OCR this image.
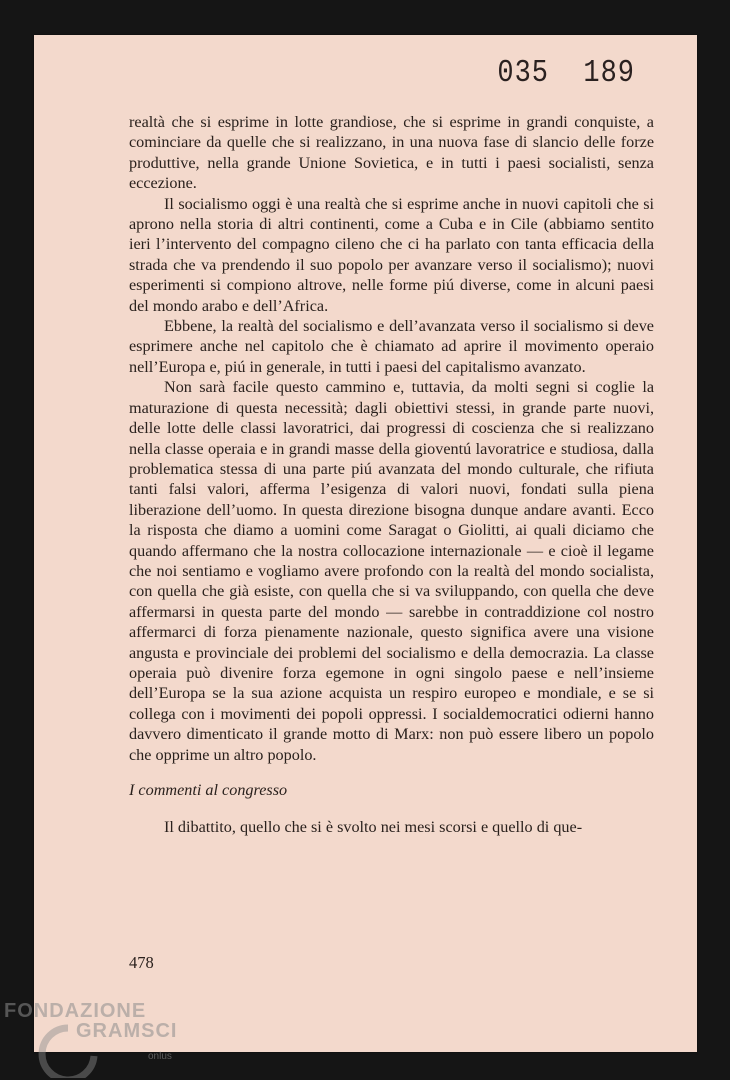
035  189

realtà che si esprime in lotte grandiose, che si esprime in grandi conquiste, a cominciare da quelle che si realizzano, in una nuova fase di slancio delle forze produttive, nella grande Unione Sovietica, e in tutti i paesi socialisti, senza eccezione.

Il socialismo oggi è una realtà che si esprime anche in nuovi capitoli che si aprono nella storia di altri continenti, come a Cuba e in Cile (abbiamo sentito ieri l’intervento del compagno cileno che ci ha parlato con tanta efficacia della strada che va prendendo il suo popolo per avanzare verso il socialismo); nuovi esperimenti si compiono altrove, nelle forme piú diverse, come in alcuni paesi del mondo arabo e dell’Africa.

Ebbene, la realtà del socialismo e dell’avanzata verso il socialismo si deve esprimere anche nel capitolo che è chiamato ad aprire il movimento operaio nell’Europa e, piú in generale, in tutti i paesi del capitalismo avanzato.

Non sarà facile questo cammino e, tuttavia, da molti segni si coglie la maturazione di questa necessità; dagli obiettivi stessi, in grande parte nuovi, delle lotte delle classi lavoratrici, dai progressi di coscienza che si realizzano nella classe operaia e in grandi masse della gioventú lavoratrice e studiosa, dalla problematica stessa di una parte piú avanzata del mondo culturale, che rifiuta tanti falsi valori, afferma l’esigenza di valori nuovi, fondati sulla piena liberazione dell’uomo. In questa direzione bisogna dunque andare avanti. Ecco la risposta che diamo a uomini come Saragat o Giolitti, ai quali diciamo che quando affermano che la nostra collocazione internazionale — e cioè il legame che noi sentiamo e vogliamo avere profondo con la realtà del mondo socialista, con quella che già esiste, con quella che si va sviluppando, con quella che deve affermarsi in questa parte del mondo — sarebbe in contraddizione col nostro affermarci di forza pienamente nazionale, questo significa avere una visione angusta e provinciale dei problemi del socialismo e della democrazia. La classe operaia può divenire forza egemone in ogni singolo paese e nell’insieme dell’Europa se la sua azione acquista un respiro europeo e mondiale, e se si collega con i movimenti dei popoli oppressi. I socialdemocratici odierni hanno davvero dimenticato il grande motto di Marx: non può essere libero un popolo che opprime un altro popolo.

I commenti al congresso

Il dibattito, quello che si è svolto nei mesi scorsi e quello di que-

478
FONDAZIONE
GRAMSCI
onlus
